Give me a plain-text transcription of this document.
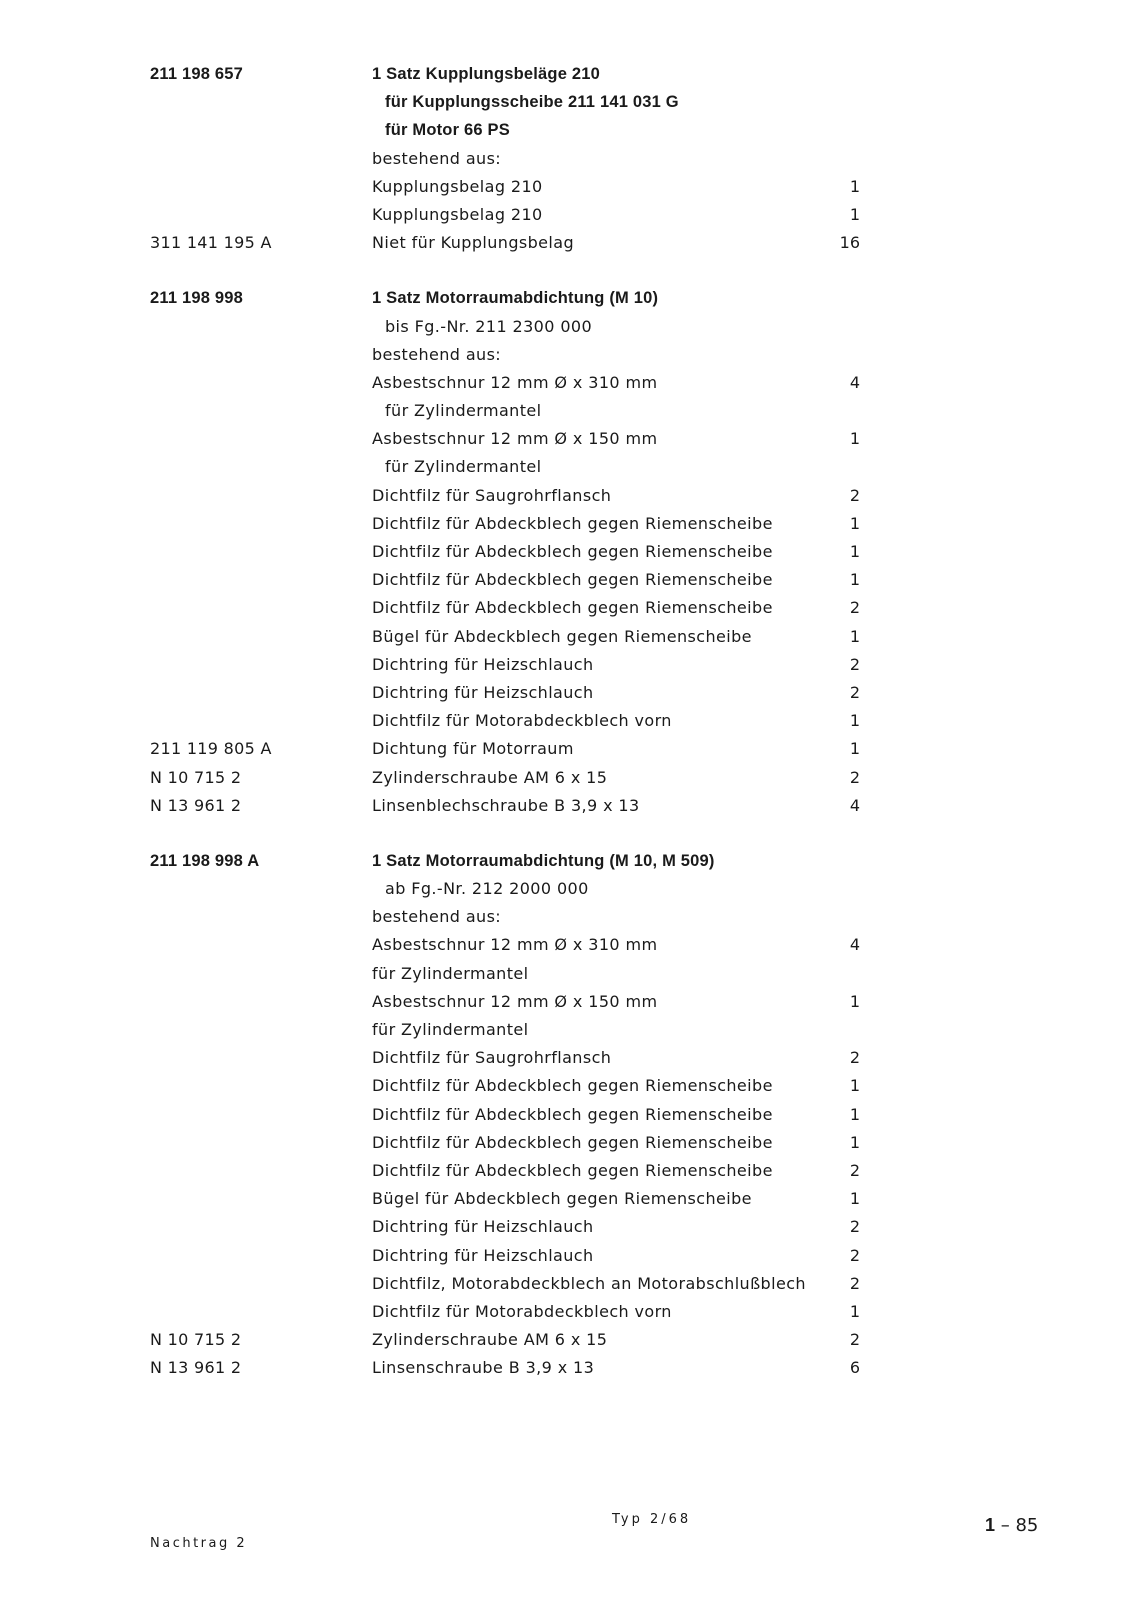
211 198 657	1 Satz Kupplungsbeläge 210
für Kupplungsscheibe 211 141 031 G
für Motor 66 PS
bestehend aus:
Kupplungsbelag 210	1
Kupplungsbelag 210	1
311 141 195 A	Niet für Kupplungsbelag	16
211 198 998	1 Satz Motorraumabdichtung (M 10)
bis Fg.-Nr. 211 2300 000
bestehend aus:
Asbestschnur 12 mm Ø x 310 mm	4
für Zylindermantel
Asbestschnur 12 mm Ø x 150 mm	1
für Zylindermantel
Dichtfilz für Saugrohrflansch	2
Dichtfilz für Abdeckblech gegen Riemenscheibe	1
Dichtfilz für Abdeckblech gegen Riemenscheibe	1
Dichtfilz für Abdeckblech gegen Riemenscheibe	1
Dichtfilz für Abdeckblech gegen Riemenscheibe	2
Bügel für Abdeckblech gegen Riemenscheibe	1
Dichtring für Heizschlauch	2
Dichtring für Heizschlauch	2
Dichtfilz für Motorabdeckblech vorn	1
211 119 805 A	Dichtung für Motorraum	1
N 10 715 2	Zylinderschraube AM 6 x 15	2
N 13 961 2	Linsenblechschraube B 3,9 x 13	4
211 198 998 A	1 Satz Motorraumabdichtung (M 10, M 509)
ab Fg.-Nr. 212 2000 000
bestehend aus:
Asbestschnur 12 mm Ø x 310 mm	4
für Zylindermantel
Asbestschnur 12 mm Ø x 150 mm	1
für Zylindermantel
Dichtfilz für Saugrohrflansch	2
Dichtfilz für Abdeckblech gegen Riemenscheibe	1
Dichtfilz für Abdeckblech gegen Riemenscheibe	1
Dichtfilz für Abdeckblech gegen Riemenscheibe	1
Dichtfilz für Abdeckblech gegen Riemenscheibe	2
Bügel für Abdeckblech gegen Riemenscheibe	1
Dichtring für Heizschlauch	2
Dichtring für Heizschlauch	2
Dichtfilz, Motorabdeckblech an Motorabschlußblech	2
Dichtfilz für Motorabdeckblech vorn	1
N 10 715 2	Zylinderschraube AM 6 x 15	2
N 13 961 2	Linsenschraube B 3,9 x 13	6
Typ 2/68	1 – 85
Nachtrag 2
